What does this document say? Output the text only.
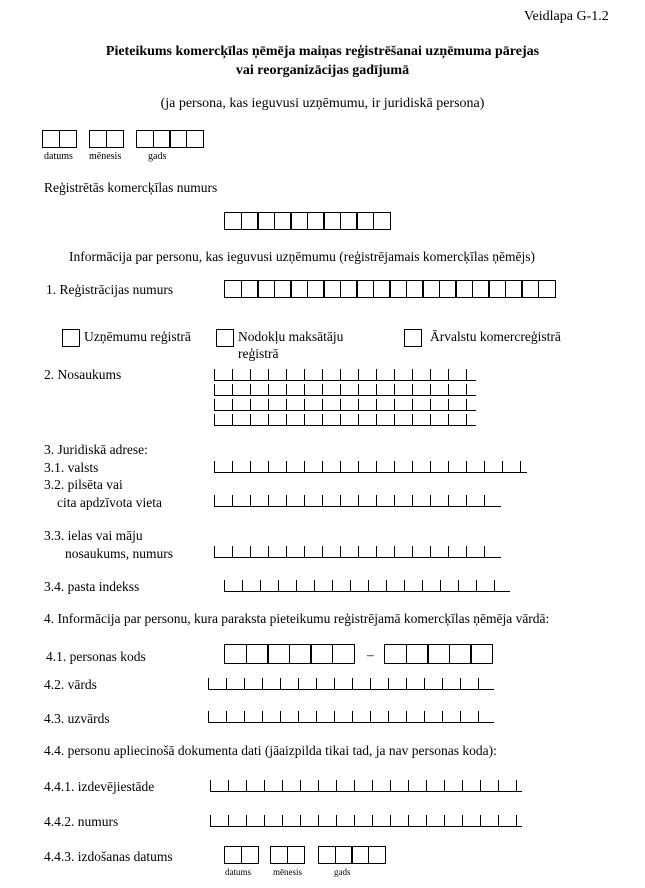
Veidlapa G-1.2
Pieteikums komercķīlas ņēmēja maiņas reģistrēšanai uzņēmuma pārejas
vai reorganizācijas gadījumā
(ja persona, kas ieguvusi uzņēmumu, ir juridiskā persona)
datums mēnesis	gads
Reģistrētās komercķīlas numurs
Informācija par personu, kas ieguvusi uzņēmumu (reģistrējamais komercķīlas ņēmējs)
1. Reģistrācijas numurs
Uzņēmumu reģistrā	Nodokļu maksātāju
reģistrā
Ārvalstu komercreģistrā
2. Nosaukums
3. Juridiskā adrese:
3.1. valsts
3.2. pilsēta vai
cita apdzīvota vieta
3.3. ielas vai māju
nosaukums, numurs
3.4. pasta indekss
4. Informācija par personu, kura paraksta pieteikumu reģistrējamā komercķīlas ņēmēja vārdā:
4.1. personas kods	–
4.2. vārds
4.3. uzvārds
4.4. personu apliecinošā dokumenta dati (jāaizpilda tikai tad, ja nav personas koda):
4.4.1. izdevējiestāde
4.4.2. numurs
4.4.3. izdošanas datums
datums mēnesis	gads
